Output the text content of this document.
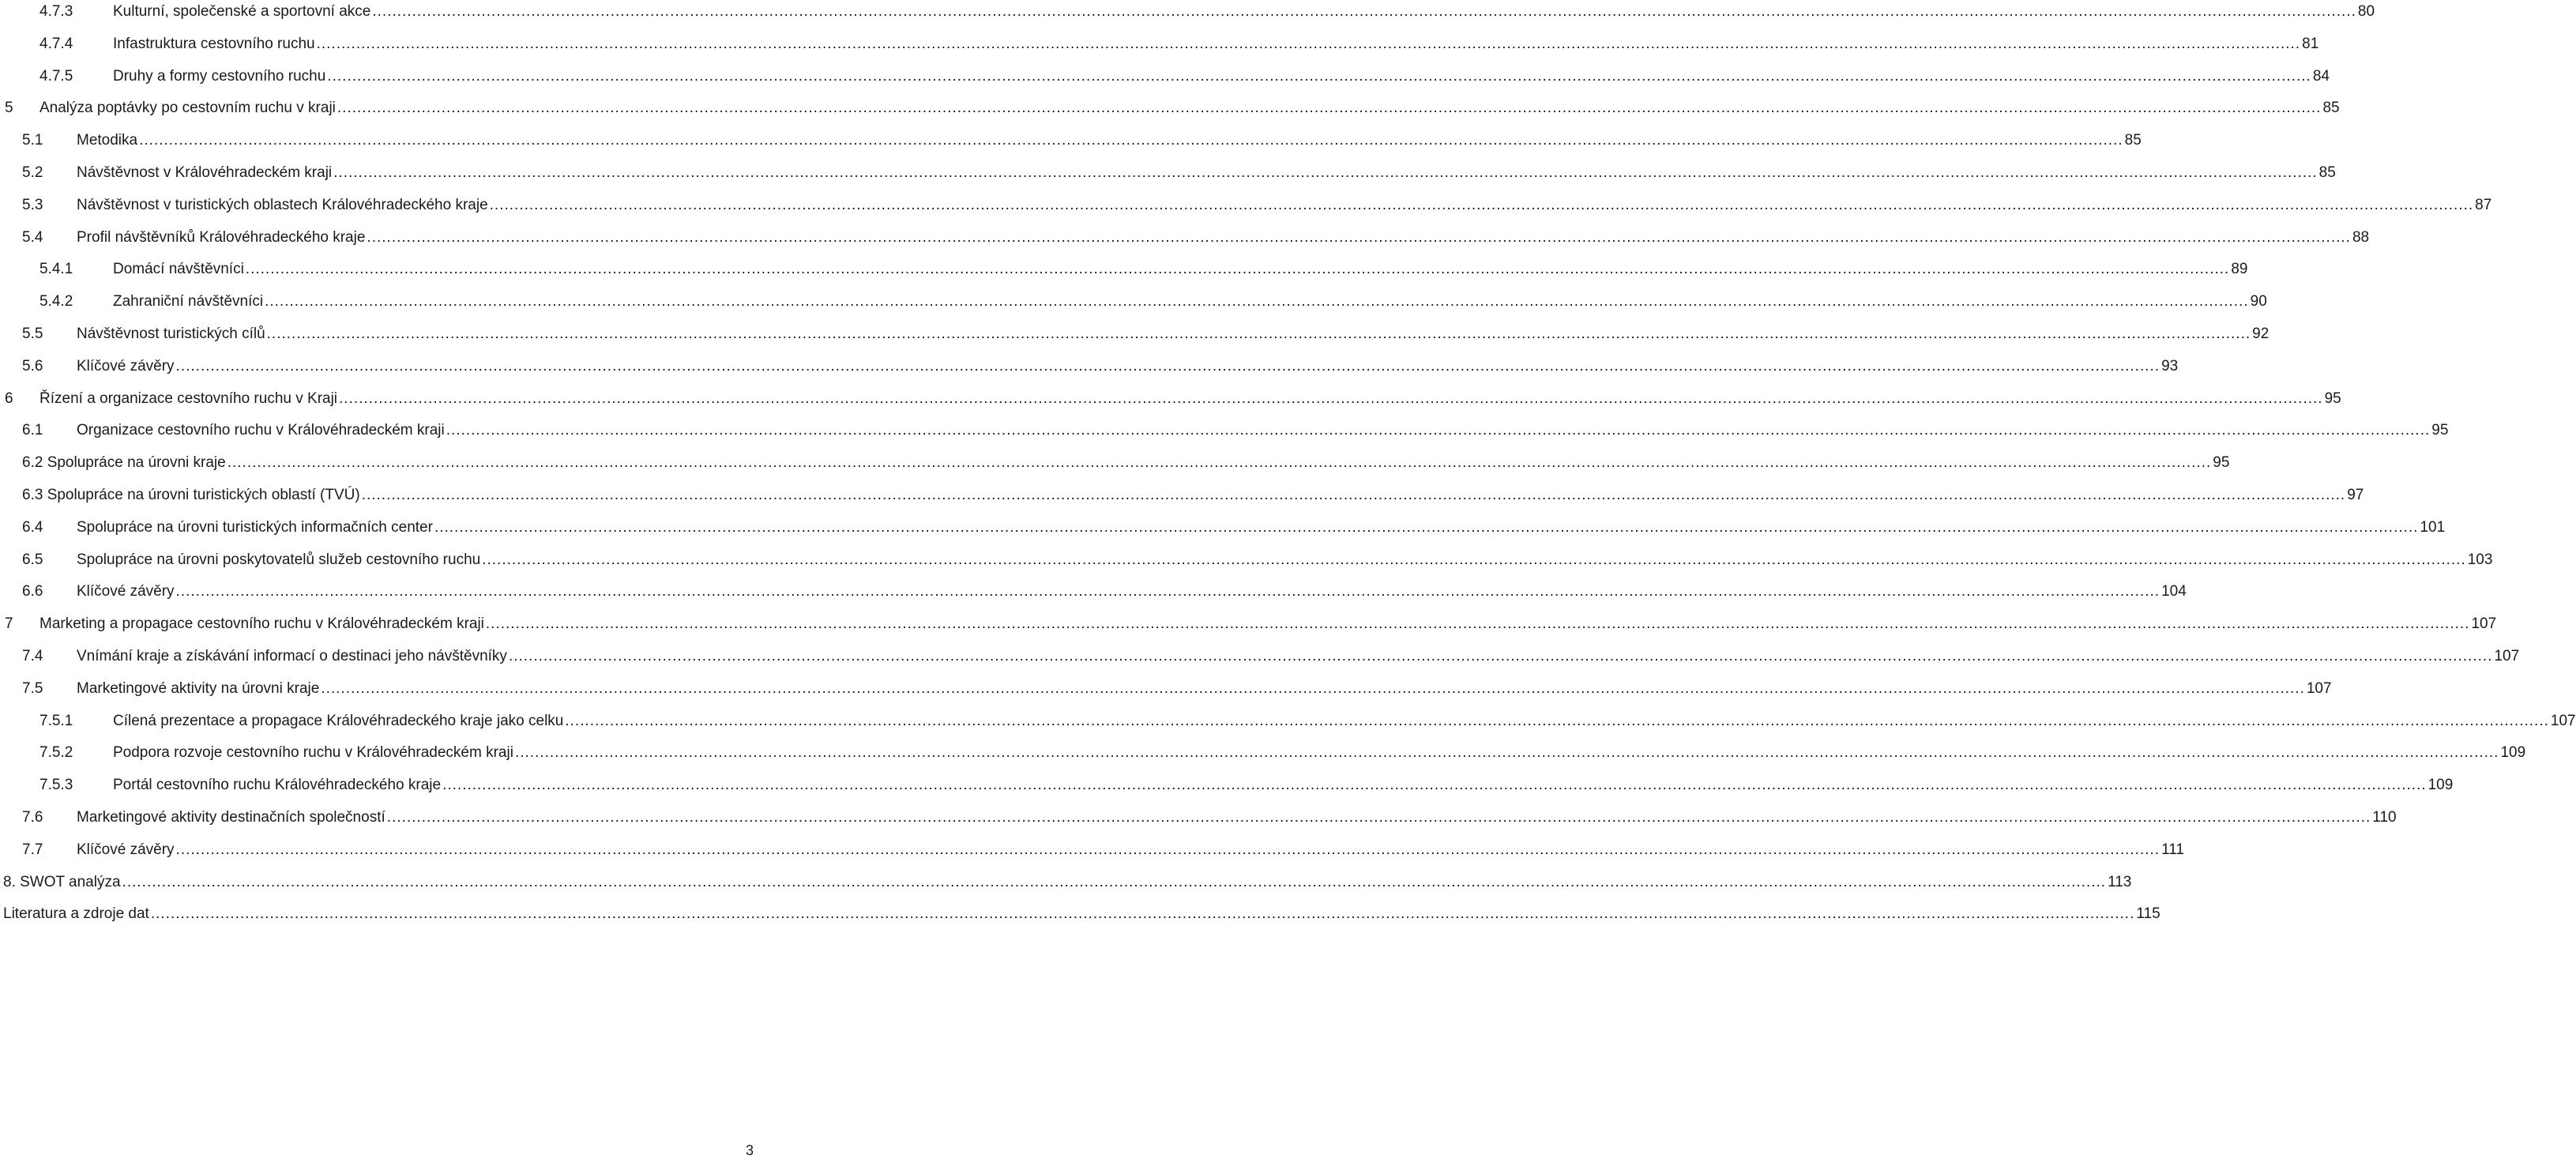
4.7.3	Kulturní, společenské a sportovní akce ................................................................................................................................................................................................................................................................................................................................................................................................................ 80
4.7.4	Infastruktura cestovního ruchu ................................................................................................................................................................................................................................................................................................................................................................................................................ 81
4.7.5	Druhy a formy cestovního ruchu ................................................................................................................................................................................................................................................................................................................................................................................................................ 84
5 Analýza poptávky po cestovním ruchu v kraji ................................................................................................................................................................................................................................................................................................................................................................................................................ 85
5.1 Metodika ................................................................................................................................................................................................................................................................................................................................................................................................................ 85
5.2 Návštěvnost v Královéhradeckém kraji ................................................................................................................................................................................................................................................................................................................................................................................................................ 85
5.3 Návštěvnost v turistických oblastech Královéhradeckého kraje ................................................................................................................................................................................................................................................................................................................................................................................................................ 87
5.4 Profil návštěvníků Královéhradeckého kraje ................................................................................................................................................................................................................................................................................................................................................................................................................ 88
5.4.1	Domácí návštěvníci ................................................................................................................................................................................................................................................................................................................................................................................................................ 89
5.4.2	Zahraniční návštěvníci ................................................................................................................................................................................................................................................................................................................................................................................................................ 90
5.5 Návštěvnost turistických cílů ................................................................................................................................................................................................................................................................................................................................................................................................................ 92
5.6 Klíčové závěry ................................................................................................................................................................................................................................................................................................................................................................................................................ 93
6 Řízení a organizace cestovního ruchu v Kraji ................................................................................................................................................................................................................................................................................................................................................................................................................ 95
6.1 Organizace cestovního ruchu v Královéhradeckém kraji ................................................................................................................................................................................................................................................................................................................................................................................................................ 95
6.2 Spolupráce na úrovni kraje ................................................................................................................................................................................................................................................................................................................................................................................................................ 95
6.3 Spolupráce na úrovni turistických oblastí (TVÚ) ................................................................................................................................................................................................................................................................................................................................................................................................................ 97
6.4 Spolupráce na úrovni turistických informačních center ................................................................................................................................................................................................................................................................................................................................................................................................................ 101
6.5 Spolupráce na úrovni poskytovatelů služeb cestovního ruchu ................................................................................................................................................................................................................................................................................................................................................................................................................ 103
6.6 Klíčové závěry ................................................................................................................................................................................................................................................................................................................................................................................................................ 104
7 Marketing a propagace cestovního ruchu v Královéhradeckém kraji ................................................................................................................................................................................................................................................................................................................................................................................................................ 107
7.4 Vnímání kraje a získávání informací o destinaci jeho návštěvníky ................................................................................................................................................................................................................................................................................................................................................................................................................ 107
7.5 Marketingové aktivity na úrovni kraje ................................................................................................................................................................................................................................................................................................................................................................................................................ 107
7.5.1	Cílená prezentace a propagace Královéhradeckého kraje jako celku ................................................................................................................................................................................................................................................................................................................................................................................................................ 107
7.5.2	Podpora rozvoje cestovního ruchu v Královéhradeckém kraji ................................................................................................................................................................................................................................................................................................................................................................................................................ 109
7.5.3	Portál cestovního ruchu Královéhradeckého kraje ................................................................................................................................................................................................................................................................................................................................................................................................................ 109
7.6 Marketingové aktivity destinačních společností ................................................................................................................................................................................................................................................................................................................................................................................................................ 110
7.7 Klíčové závěry ................................................................................................................................................................................................................................................................................................................................................................................................................ 111
8. SWOT analýza ................................................................................................................................................................................................................................................................................................................................................................................................................ 113
Literatura a zdroje dat ................................................................................................................................................................................................................................................................................................................................................................................................................ 115
3
